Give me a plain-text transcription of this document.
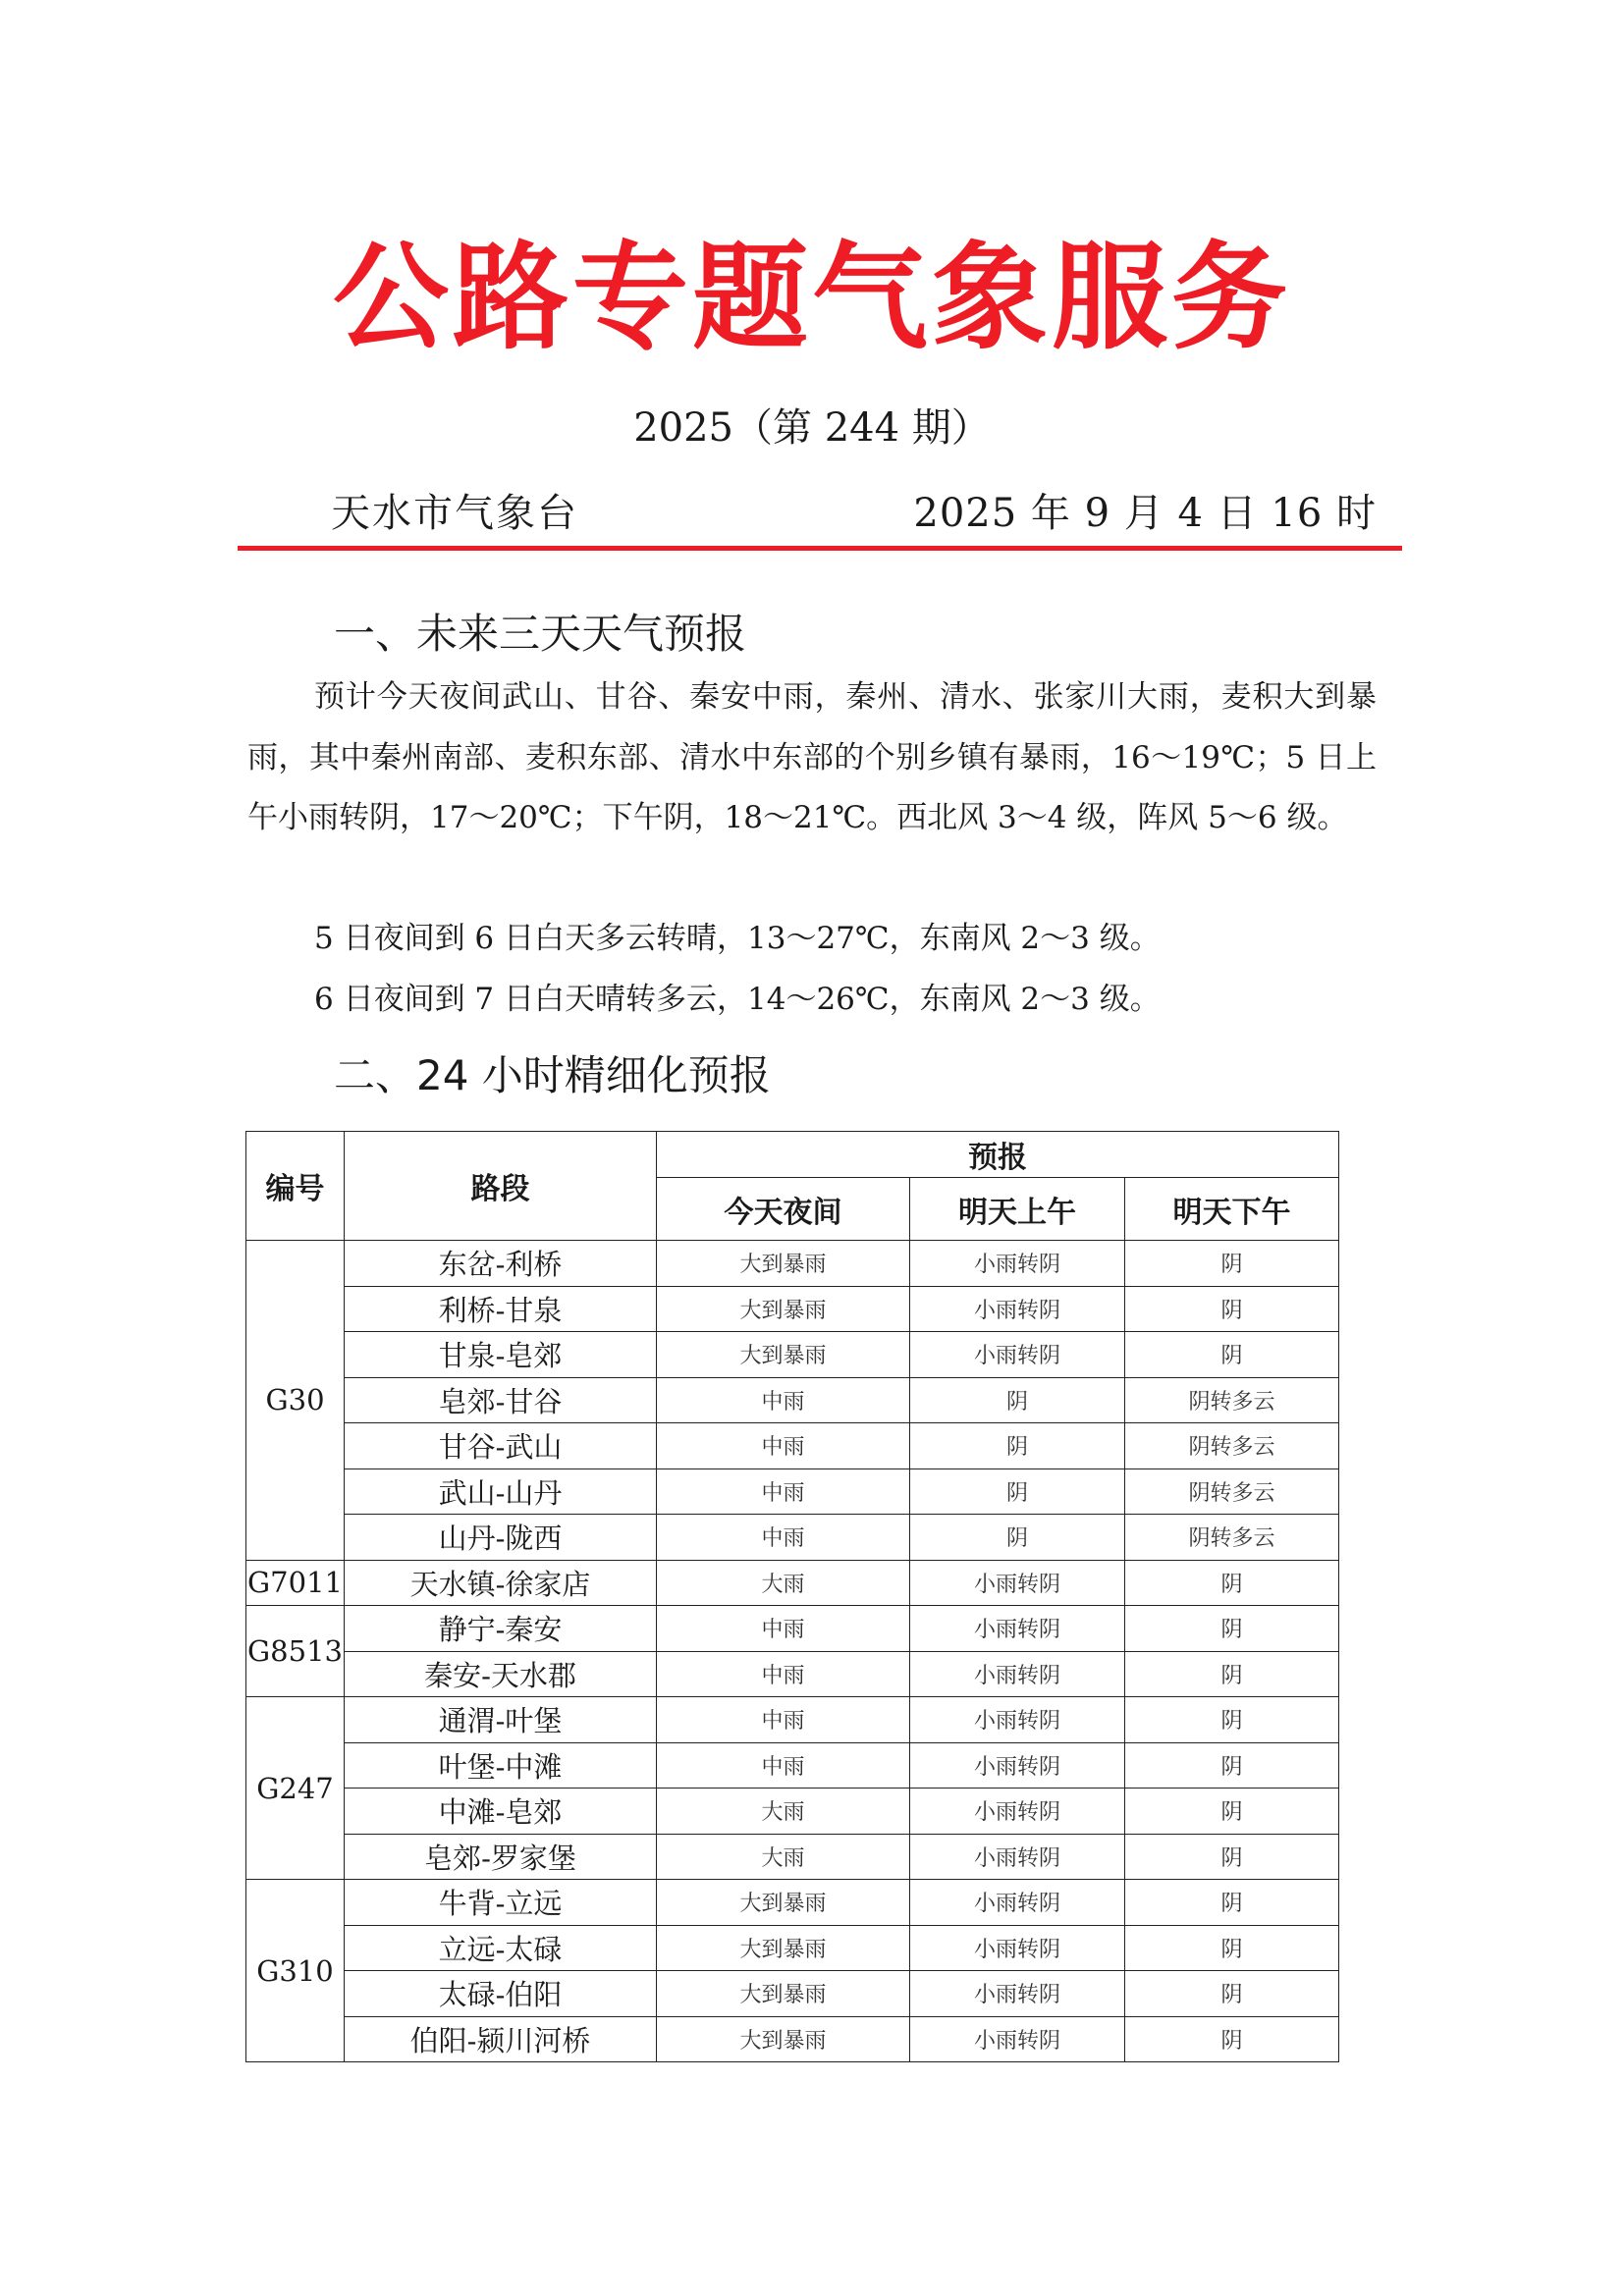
公路专题气象服务
2025（第 244 期）
天水市气象台	2025 年 9 月 4 日 16 时
一、未来三天天气预报

预计今天夜间武山、甘谷、秦安中雨，秦州、清水、张家川大雨，麦积大到暴雨，其中秦州南部、麦积东部、清水中东部的个别乡镇有暴雨，16～19℃；5 日上午小雨转阴，17～20℃；下午阴，18～21℃。西北风 3～4 级，阵风 5～6 级。

5 日夜间到 6 日白天多云转晴，13～27℃，东南风 2～3 级。

6 日夜间到 7 日白天晴转多云，14～26℃，东南风 2～3 级。

二、24 小时精细化预报
编号	路段	预报		
		今天夜间	明天上午	明天下午
G30	东岔-利桥	大到暴雨	小雨转阴	阴
	利桥-甘泉	大到暴雨	小雨转阴	阴
	甘泉-皂郊	大到暴雨	小雨转阴	阴
	皂郊-甘谷	中雨	阴	阴转多云
	甘谷-武山	中雨	阴	阴转多云
	武山-山丹	中雨	阴	阴转多云
	山丹-陇西	中雨	阴	阴转多云
G7011	天水镇-徐家店	大雨	小雨转阴	阴
G8513	静宁-秦安	中雨	小雨转阴	阴
	秦安-天水郡	中雨	小雨转阴	阴
G247	通渭-叶堡	中雨	小雨转阴	阴
	叶堡-中滩	中雨	小雨转阴	阴
	中滩-皂郊	大雨	小雨转阴	阴
	皂郊-罗家堡	大雨	小雨转阴	阴
G310	牛背-立远	大到暴雨	小雨转阴	阴
	立远-太碌	大到暴雨	小雨转阴	阴
	太碌-伯阳	大到暴雨	小雨转阴	阴
	伯阳-颍川河桥	大到暴雨	小雨转阴	阴
